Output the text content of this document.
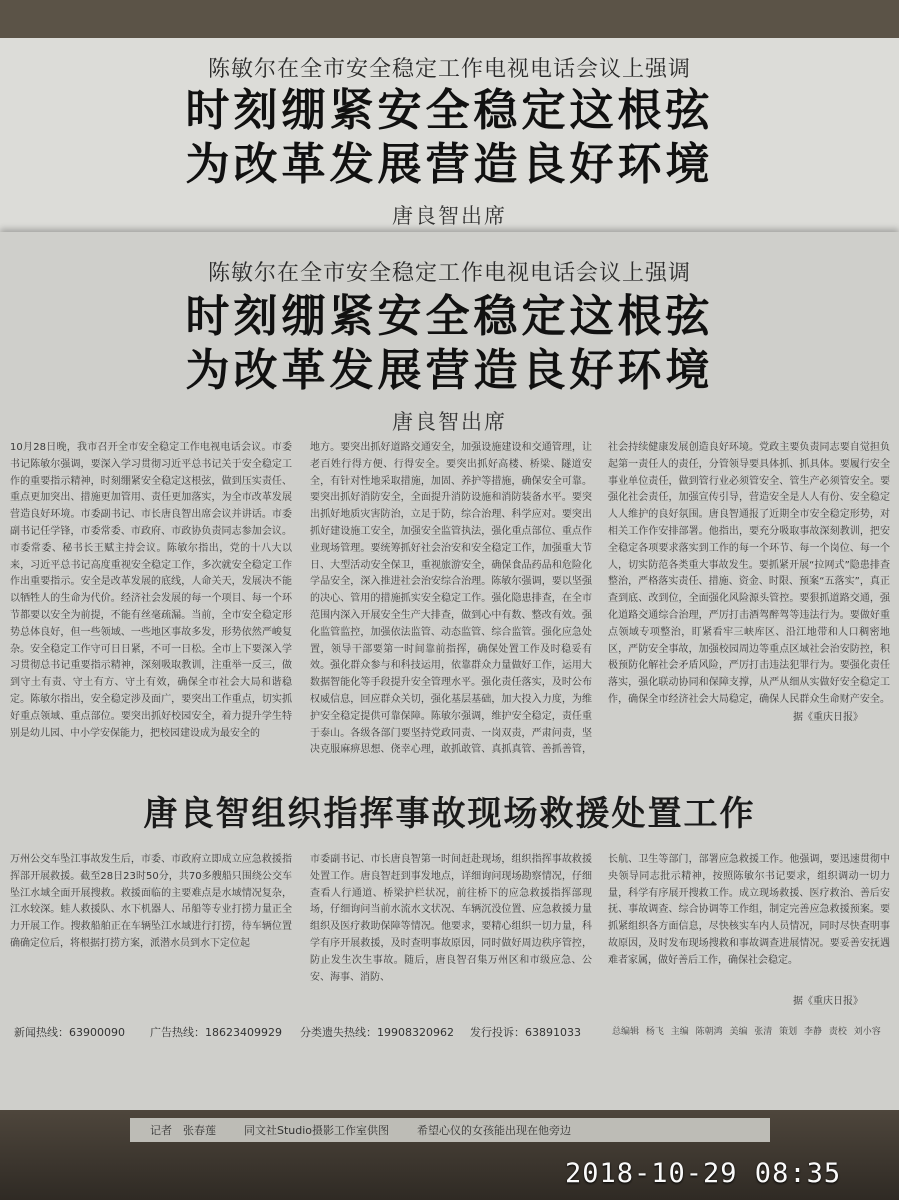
陈敏尔在全市安全稳定工作电视电话会议上强调
时刻绷紧安全稳定这根弦
为改革发展营造良好环境
唐良智出席
陈敏尔在全市安全稳定工作电视电话会议上强调
时刻绷紧安全稳定这根弦
为改革发展营造良好环境
唐良智出席
10月28日晚，我市召开全市安全稳定工作电视电话会议。市委书记陈敏尔强调，要深入学习贯彻习近平总书记关于安全稳定工作的重要指示精神，时刻绷紧安全稳定这根弦，做到压实责任、重点更加突出、措施更加管用、责任更加落实，为全市改革发展营造良好环境。市委副书记、市长唐良智出席会议并讲话。市委副书记任学锋，市委常委、市政府、市政协负责同志参加会议。市委常委、秘书长王赋主持会议。陈敏尔指出，党的十八大以来，习近平总书记高度重视安全稳定工作，多次就安全稳定工作作出重要指示。安全是改革发展的底线，人命关天，发展决不能以牺牲人的生命为代价。经济社会发展的每一个项目、每一个环节都要以安全为前提，不能有丝毫疏漏。当前，全市安全稳定形势总体良好，但一些领域、一些地区事故多发，形势依然严峻复杂。安全稳定工作守可日日紧，不可一日松。全市上下要深入学习贯彻总书记重要指示精神，深刻吸取教训，注重举一反三，做到守土有责、守土有方、守土有效，确保全市社会大局和谐稳定。陈敏尔指出，安全稳定涉及面广，要突出工作重点，切实抓好重点领域、重点部位。要突出抓好校园安全，着力提升学生特别是幼儿园、中小学安保能力，把校园建设成为最安全的
地方。要突出抓好道路交通安全，加强设施建设和交通管理，让老百姓行得方便、行得安全。要突出抓好高楼、桥梁、隧道安全，有针对性地采取措施，加固、养护等措施，确保安全可靠。要突出抓好消防安全，全面提升消防设施和消防装备水平。要突出抓好地质灾害防治，立足于防，综合治理、科学应对。要突出抓好建设施工安全，加强安全监管执法，强化重点部位、重点作业现场管理。要统筹抓好社会治安和安全稳定工作，加强重大节日、大型活动安全保卫，重视旅游安全，确保食品药品和危险化学品安全，深入推进社会治安综合治理。陈敏尔强调，要以坚强的决心、管用的措施抓实安全稳定工作。强化隐患排查，在全市范围内深入开展安全生产大排查，做到心中有数、整改有效。强化监管监控，加强依法监管、动态监管、综合监管。强化应急处置，领导干部要第一时间靠前指挥，确保处置工作及时稳妥有效。强化群众参与和科技运用，依靠群众力量做好工作，运用大数据智能化等手段提升安全管理水平。强化责任落实，及时公布权威信息，回应群众关切，强化基层基础，加大投入力度，为维护安全稳定提供可靠保障。陈敏尔强调，维护安全稳定，责任重于泰山。各级各部门要坚持党政同责、一岗双责，严肃问责，坚决克服麻痹思想、侥幸心理，敢抓敢管、真抓真管、善抓善管，
社会持续健康发展创造良好环境。党政主要负责同志要自觉担负起第一责任人的责任，分管领导要具体抓、抓具体。要履行安全事业单位责任，做到管行业必须管安全、管生产必须管安全。要强化社会责任，加强宣传引导，营造安全是人人有份、安全稳定人人维护的良好氛围。唐良智通报了近期全市安全稳定形势，对相关工作作安排部署。他指出，要充分吸取事故深刻教训，把安全稳定各项要求落实到工作的每一个环节、每一个岗位、每一个人，切实防范各类重大事故发生。要抓紧开展“拉网式”隐患排查整治，严格落实责任、措施、资金、时限、预案“五落实”，真正查到底、改到位，全面强化风险源头管控。要狠抓道路交通，强化道路交通综合治理，严厉打击酒驾醉驾等违法行为。要做好重点领域专项整治，盯紧看牢三峡库区、沿江地带和人口稠密地区，严防安全事故，加强校园周边等重点区域社会治安防控，积极预防化解社会矛盾风险，严厉打击违法犯罪行为。要强化责任落实，强化联动协同和保障支撑，从严从细从实做好安全稳定工作，确保全市经济社会大局稳定，确保人民群众生命财产安全。
据《重庆日报》
唐良智组织指挥事故现场救援处置工作
万州公交车坠江事故发生后，市委、市政府立即成立应急救援指挥部开展救援。截至28日23时50分，共70多艘船只围绕公交车坠江水域全面开展搜救。救援面临的主要难点是水域情况复杂，江水较深。蛙人救援队、水下机器人、吊船等专业打捞力量正全力开展工作。搜救船舶正在车辆坠江水域进行打捞，待车辆位置确确定位后，将根据打捞方案，派潜水员到水下定位起
市委副书记、市长唐良智第一时间赶赴现场，组织指挥事故救援处置工作。唐良智赶到事发地点，详细询问现场勘察情况，仔细查看人行通道、桥梁护栏状况，前往桥下的应急救援指挥部现场，仔细询问当前水流水文状况、车辆沉没位置、应急救援力量组织及医疗救助保障等情况。他要求，要精心组织一切力量，科学有序开展救援，及时查明事故原因，同时做好周边秩序管控，防止发生次生事故。随后，唐良智召集万州区和市级应急、公安、海事、消防、
长航、卫生等部门，部署应急救援工作。他强调，要迅速贯彻中央领导同志批示精神，按照陈敏尔书记要求，组织调动一切力量，科学有序展开搜救工作。成立现场救援、医疗救治、善后安抚、事故调查、综合协调等工作组，制定完善应急救援预案。要抓紧组织各方面信息，尽快核实车内人员情况，同时尽快查明事故原因，及时发布现场搜救和事故调查进展情况。要妥善安抚遇难者家属，做好善后工作，确保社会稳定。
据《重庆日报》
新闻热线：63900090 广告热线：18623409929 分类遗失热线：19908320962 发行投诉：63891033	总编辑 杨飞 主编 陈朝鸿 美编 张清 策划 李静 责校 刘小容
记者　张春莲	同文社Studio摄影工作室供图	希望心仪的女孩能出现在他旁边
2018-10-29 08:35
